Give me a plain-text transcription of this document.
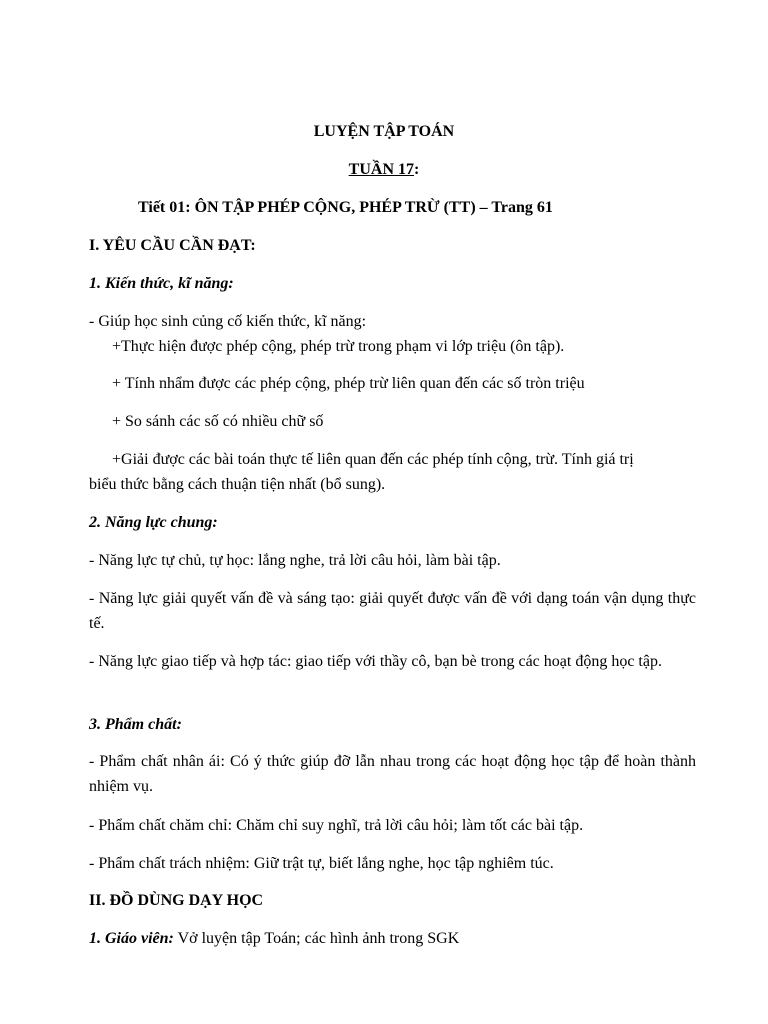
LUYỆN TẬP TOÁN
TUẦN 17:
Tiết 01: ÔN TẬP PHÉP CỘNG, PHÉP TRỪ (TT) – Trang 61
I. YÊU CẦU CẦN ĐẠT:
1. Kiến thức, kĩ năng:
- Giúp học sinh củng cố kiến thức, kĩ năng:
+Thực hiện được phép cộng, phép trừ trong phạm vi lớp triệu (ôn tập).
+ Tính nhẩm được các phép cộng, phép trừ liên quan đến các số tròn triệu
+ So sánh các số có nhiều chữ số
+Giải được các bài toán thực tế liên quan đến các phép tính cộng, trừ. Tính giá trị
biểu thức bằng cách thuận tiện nhất (bổ sung).
2. Năng lực chung:
- Năng lực tự chủ, tự học: lắng nghe, trả lời câu hỏi, làm bài tập.
- Năng lực giải quyết vấn đề và sáng tạo: giải quyết được vấn đề với dạng toán vận dụng thực tế.
- Năng lực giao tiếp và hợp tác: giao tiếp với thầy cô, bạn bè trong các hoạt động học tập.
3. Phẩm chất:
- Phẩm chất nhân ái: Có ý thức giúp đỡ lẫn nhau trong các hoạt động học tập để hoàn thành nhiệm vụ.
- Phẩm chất chăm chỉ: Chăm chỉ suy nghĩ, trả lời câu hỏi; làm tốt các bài tập.
- Phẩm chất trách nhiệm: Giữ trật tự, biết lắng nghe, học tập nghiêm túc.
II. ĐỒ DÙNG DẠY HỌC
1. Giáo viên: Vở luyện tập Toán; các hình ảnh trong SGK
